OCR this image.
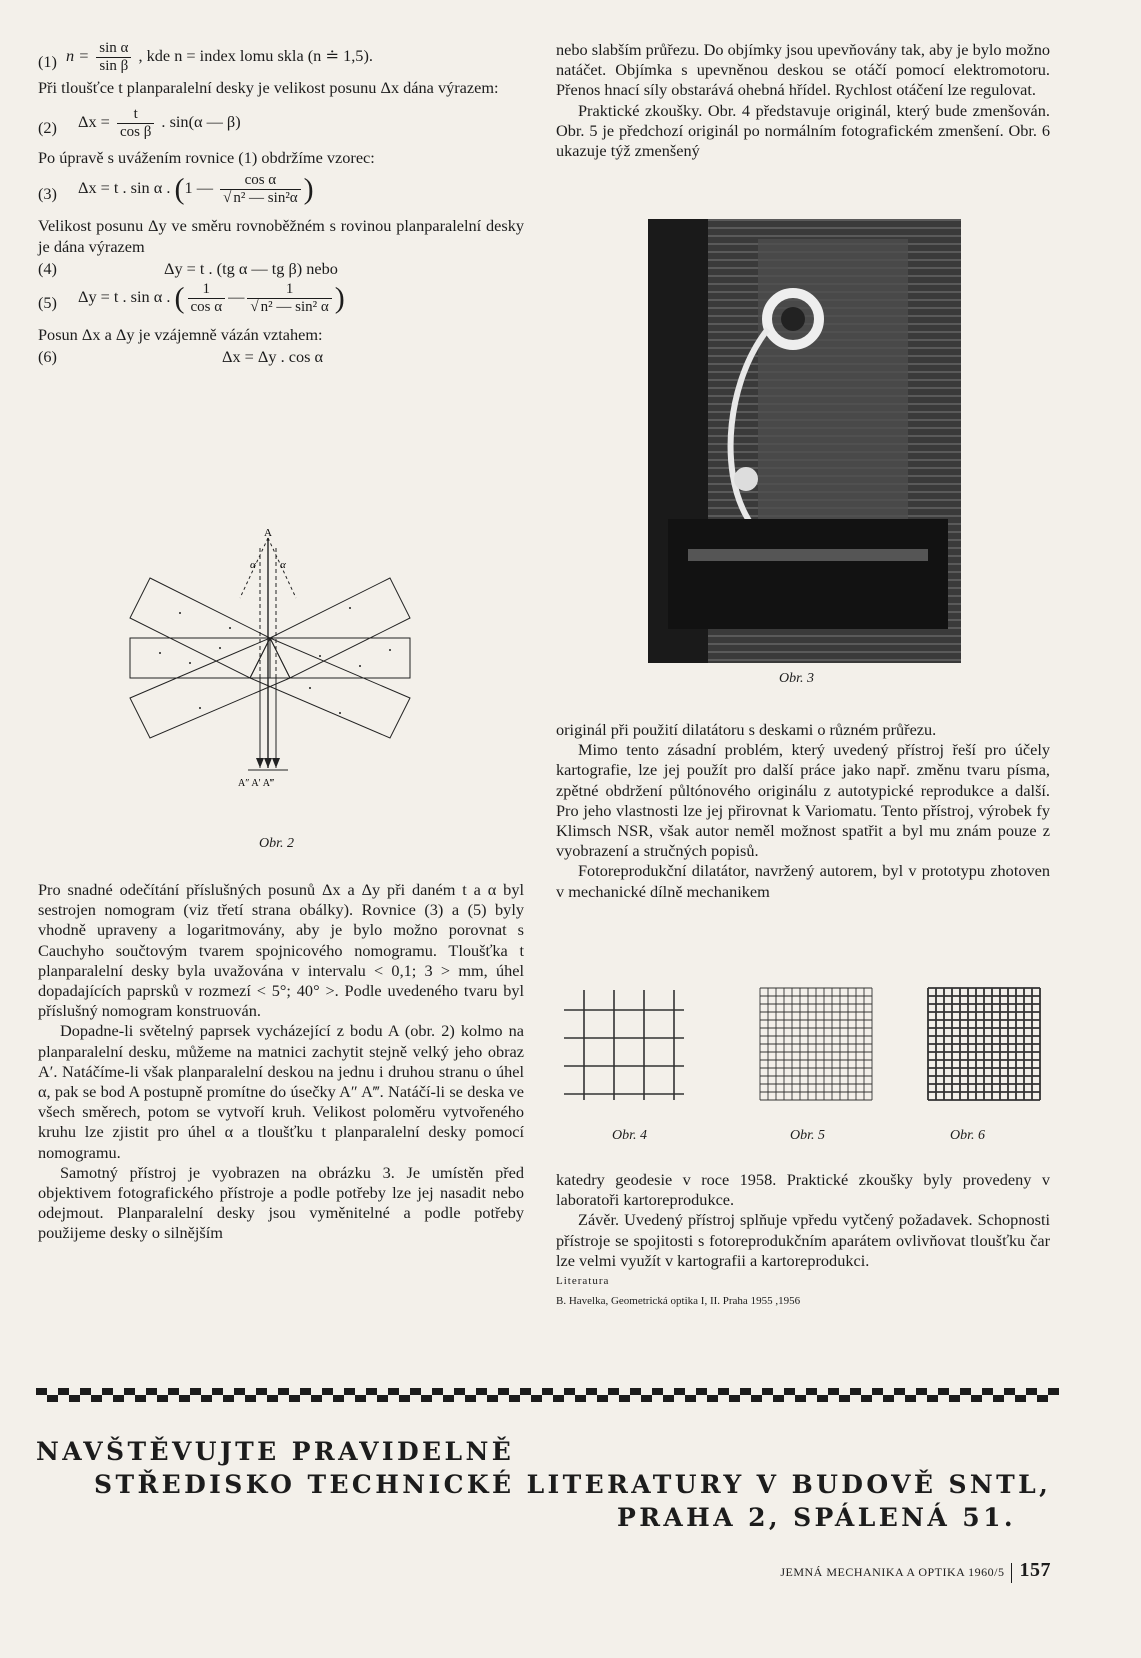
(1) $n = \frac{\text{sin α}}{\text{sin β}}$ , kde n = index lomu skla (n ≐ 1,5).

Při tloušťce t planparalelní desky je velikost posunu Δx dána výrazem:

(2) $\Delta x = \frac{t}{\text{cos β}}$ . sin(α — β)

Po úpravě s uvážením rovnice (1) obdržíme vzorec:

(3) Δx = t . sin α . (1 — $\frac{\text{cos α}}{\text{√ n² — sin²α}}$ )

Velikost posunu Δy ve směru rovnoběžném s rovinou planparalelní desky je dána výrazem

(4)	Δy = t . (tg α — tg β) nebo
(5) Δy = t . sin α . ( $\frac{1}{\text{cos α}}$ — $\frac{1}{\text{√ n² — sin² α}}$ )

Posun Δx a Δy je vzájemně vázán vztahem:

(6)	Δx = Δy . cos α
A
α α
A″ A′ A‴
Obr. 2

Pro snadné odečítání příslušných posunů Δx a Δy při daném t a α byl sestrojen nomogram (viz třetí strana obálky). Rovnice (3) a (5) byly vhodně upraveny a logaritmovány, aby je bylo možno porovnat s Cauchyho součtovým tvarem spojnicového nomogramu. Tloušťka t planparalelní desky byla uvažována v intervalu < 0,1; 3 > mm, úhel dopadajících paprsků v rozmezí < 5°; 40° >. Podle uvedeného tvaru byl příslušný nomogram konstruován.

Dopadne-li světelný paprsek vycházející z bodu A (obr. 2) kolmo na planparalelní desku, můžeme na matnici zachytit stejně velký jeho obraz A′. Natáčíme-li však planparalelní deskou na jednu i druhou stranu o úhel α, pak se bod A postupně promítne do úsečky A″ A‴. Natáčí-li se deska ve všech směrech, potom se vytvoří kruh. Velikost poloměru vytvořeného kruhu lze zjistit pro úhel α a tloušťku t planparalelní desky pomocí nomogramu.

Samotný přístroj je vyobrazen na obrázku 3. Je umístěn před objektivem fotografického přístroje a podle potřeby lze jej nasadit nebo odejmout. Planparalelní desky jsou vyměnitelné a podle potřeby použijeme desky o silnějším

nebo slabším průřezu. Do objímky jsou upevňovány tak, aby je bylo možno natáčet. Objímka s upevněnou deskou se otáčí pomocí elektromotoru. Přenos hnací síly obstarává ohebná hřídel. Rychlost otáčení lze regulovat.

Praktické zkoušky. Obr. 4 představuje originál, který bude zmenšován. Obr. 5 je předchozí originál po normálním fotografickém zmenšení. Obr. 6 ukazuje týž zmenšený

Obr. 3

originál při použití dilatátoru s deskami o různém průřezu.

Mimo tento zásadní problém, který uvedený přístroj řeší pro účely kartografie, lze jej použít pro další práce jako např. změnu tvaru písma, zpětné obdržení půltónového originálu z autotypické reprodukce a další. Pro jeho vlastnosti lze jej přirovnat k Variomatu. Tento přístroj, výrobek fy Klimsch NSR, však autor neměl možnost spatřit a byl mu znám pouze z vyobrazení a stručných popisů.

Fotoreprodukční dilatátor, navržený autorem, byl v prototypu zhotoven v mechanické dílně mechanikem

Obr. 4	Obr. 5	Obr. 6

katedry geodesie v roce 1958. Praktické zkoušky byly provedeny v laboratoři kartoreprodukce.

Závěr. Uvedený přístroj splňuje vpředu vytčený požadavek. Schopnosti přístroje se spojitosti s fotoreprodukčním aparátem ovlivňovat tloušťku čar lze velmi využít v kartografii a kartoreprodukci.

Literatura

B. Havelka, Geometrická optika I, II. Praha 1955 ,1956

NAVŠTĚVUJTE PRAVIDELNĚ
STŘEDISKO TECHNICKÉ LITERATURY V BUDOVĚ SNTL,
PRAHA 2, SPÁLENÁ 51.
JEMNÁ MECHANIKA A OPTIKA 1960/5 157
